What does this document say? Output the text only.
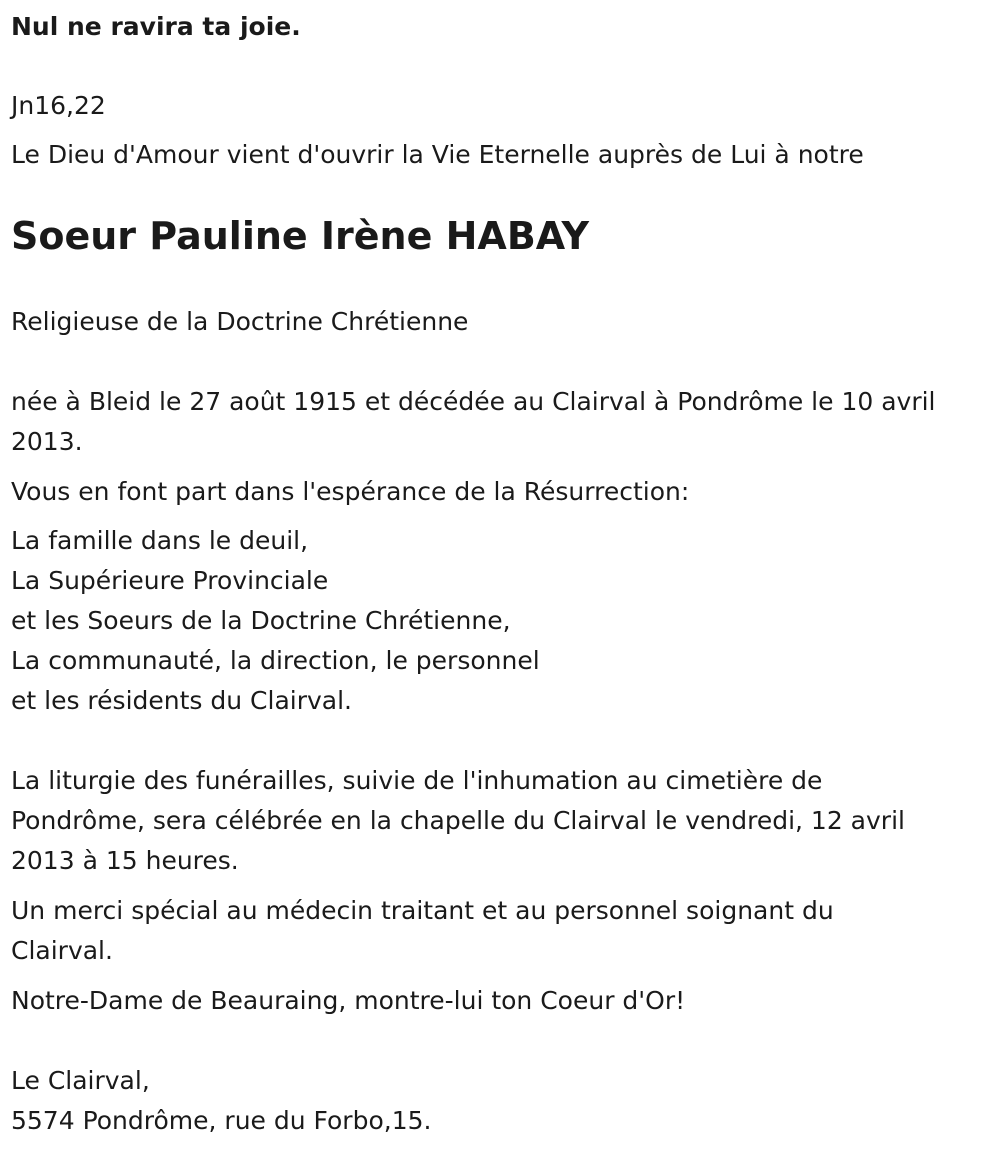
Nul ne ravira ta joie.
Jn16,22
Le Dieu d'Amour vient d'ouvrir la Vie Eternelle auprès de Lui à notre
Soeur Pauline Irène HABAY
Religieuse de la Doctrine Chrétienne
née à Bleid le 27 août 1915 et décédée au Clairval à Pondrôme le 10 avril
2013.
Vous en font part dans l'espérance de la Résurrection:
La famille dans le deuil,
La Supérieure Provinciale
et les Soeurs de la Doctrine Chrétienne,
La communauté, la direction, le personnel
et les résidents du Clairval.
La liturgie des funérailles, suivie de l'inhumation au cimetière de
Pondrôme, sera célébrée en la chapelle du Clairval le vendredi, 12 avril
2013 à 15 heures.
Un merci spécial au médecin traitant et au personnel soignant du
Clairval.
Notre-Dame de Beauraing, montre-lui ton Coeur d'Or!
Le Clairval,
5574 Pondrôme, rue du Forbo,15.
